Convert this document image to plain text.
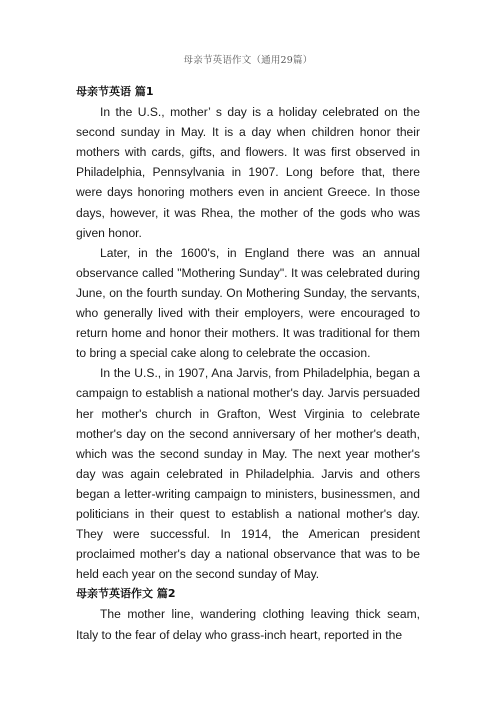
母亲节英语作文（通用29篇）
母亲节英语 篇1

In the U.S., mother’ s day is a holiday celebrated on the second sunday in May. It is a day when children honor their mothers with cards, gifts, and flowers. It was first observed in Philadelphia, Pennsylvania in 1907. Long before that, there were days honoring mothers even in ancient Greece. In those days, however, it was Rhea, the mother of the gods who was given honor.

Later, in the 1600's, in England there was an annual observance called "Mothering Sunday". It was celebrated during June, on the fourth sunday. On Mothering Sunday, the servants, who generally lived with their employers, were encouraged to return home and honor their mothers. It was traditional for them to bring a special cake along to celebrate the occasion.

In the U.S., in 1907, Ana Jarvis, from Philadelphia, began a campaign to establish a national mother's day. Jarvis persuaded her mother's church in Grafton, West Virginia to celebrate mother's day on the second anniversary of her mother's death, which was the second sunday in May. The next year mother's day was again celebrated in Philadelphia. Jarvis and others began a letter-writing campaign to ministers, businessmen, and politicians in their quest to establish a national mother's day. They were successful. In 1914, the American president proclaimed mother's day a national observance that was to be held each year on the second sunday of May.

母亲节英语作文 篇2

The mother line, wandering clothing leaving thick seam, Italy to the fear of delay who grass-inch heart, reported in the
